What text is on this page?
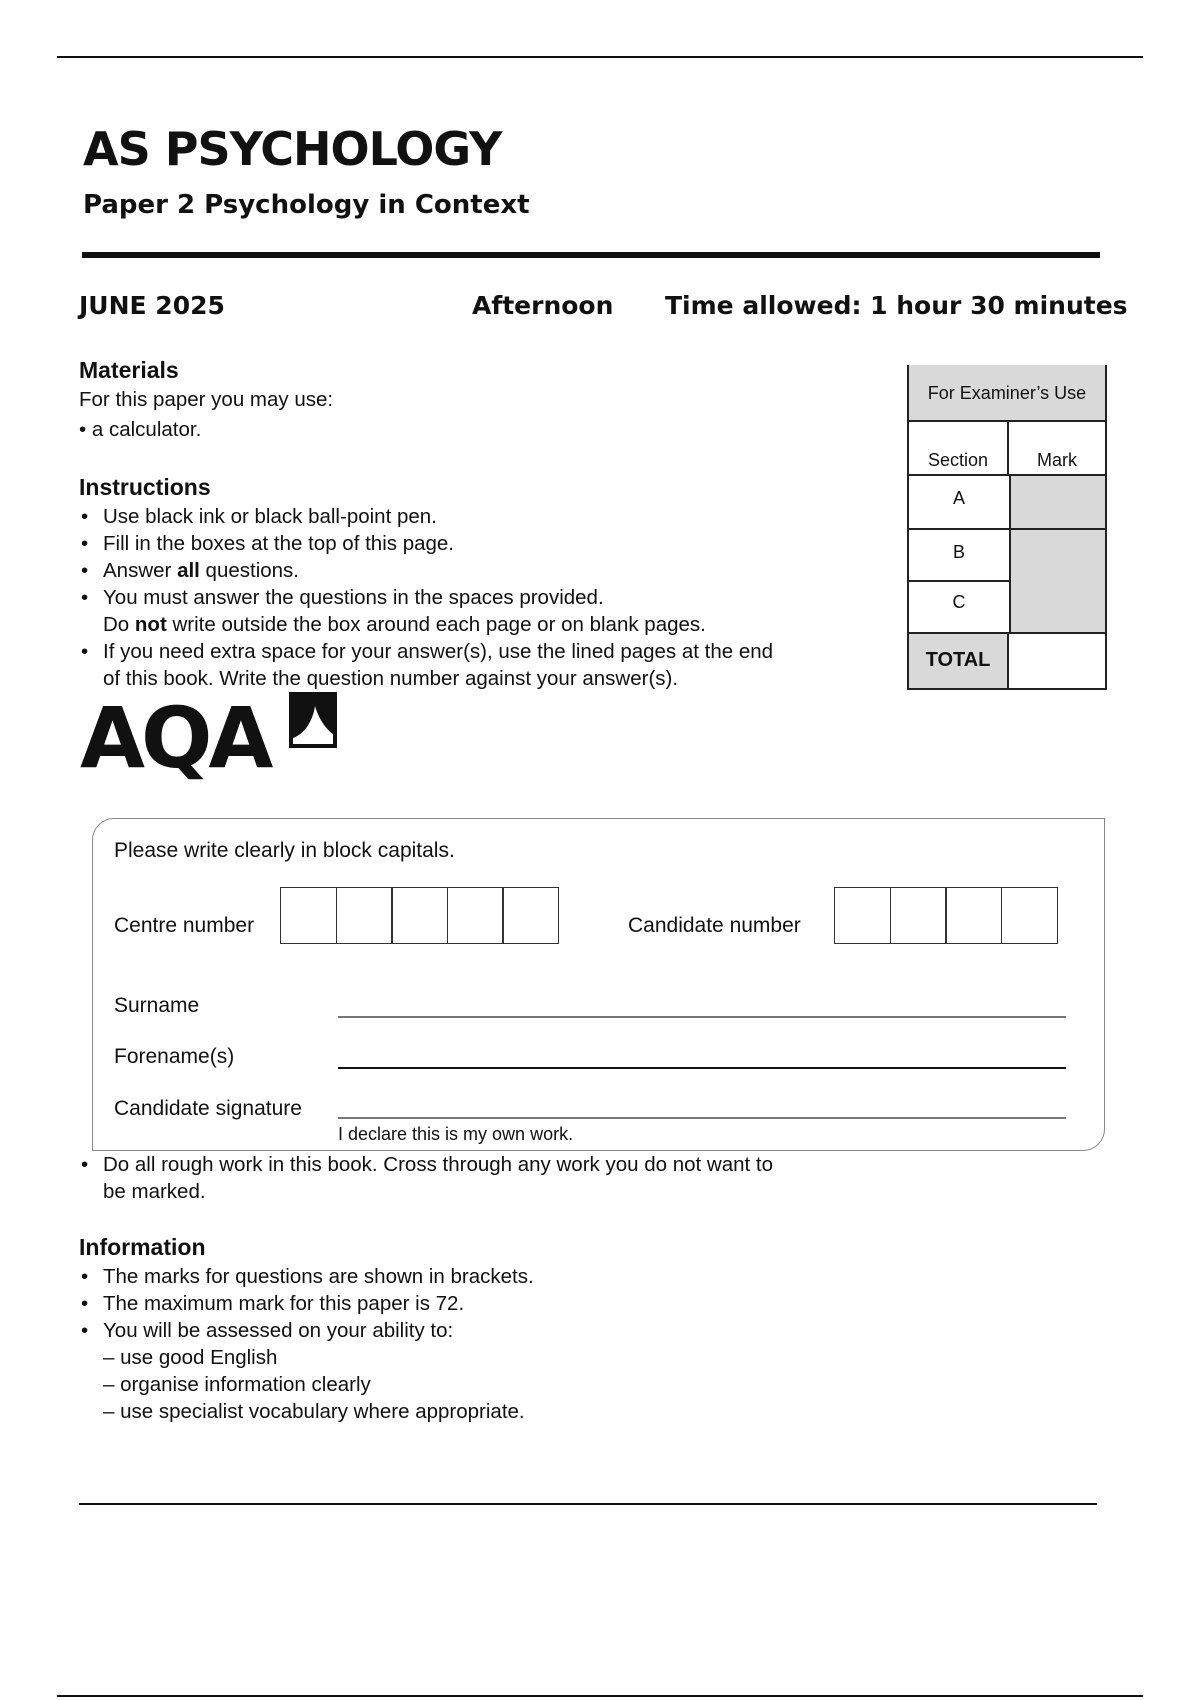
AS PSYCHOLOGY
Paper 2 Psychology in Context
JUNE 2025	Afternoon Time allowed: 1 hour 30 minutes
Materials
For this paper you may use:
• a calculator.
Instructions
• Use black ink or black ball-point pen.
• Fill in the boxes at the top of this page.
• Answer all questions.
• You must answer the questions in the spaces provided.
Do not write outside the box around each page or on blank pages.
• If you need extra space for your answer(s), use the lined pages at the end
of this book. Write the question number against your answer(s).
AQA
For Examiner’s Use
Section	Mark
A
B
C
TOTAL
Please write clearly in block capitals.
Centre number	Candidate number
Surname
Forename(s)
Candidate signature
I declare this is my own work.
• Do all rough work in this book. Cross through any work you do not want to
be marked.
Information
• The marks for questions are shown in brackets.
• The maximum mark for this paper is 72.
• You will be assessed on your ability to:
– use good English
– organise information clearly
– use specialist vocabulary where appropriate.
